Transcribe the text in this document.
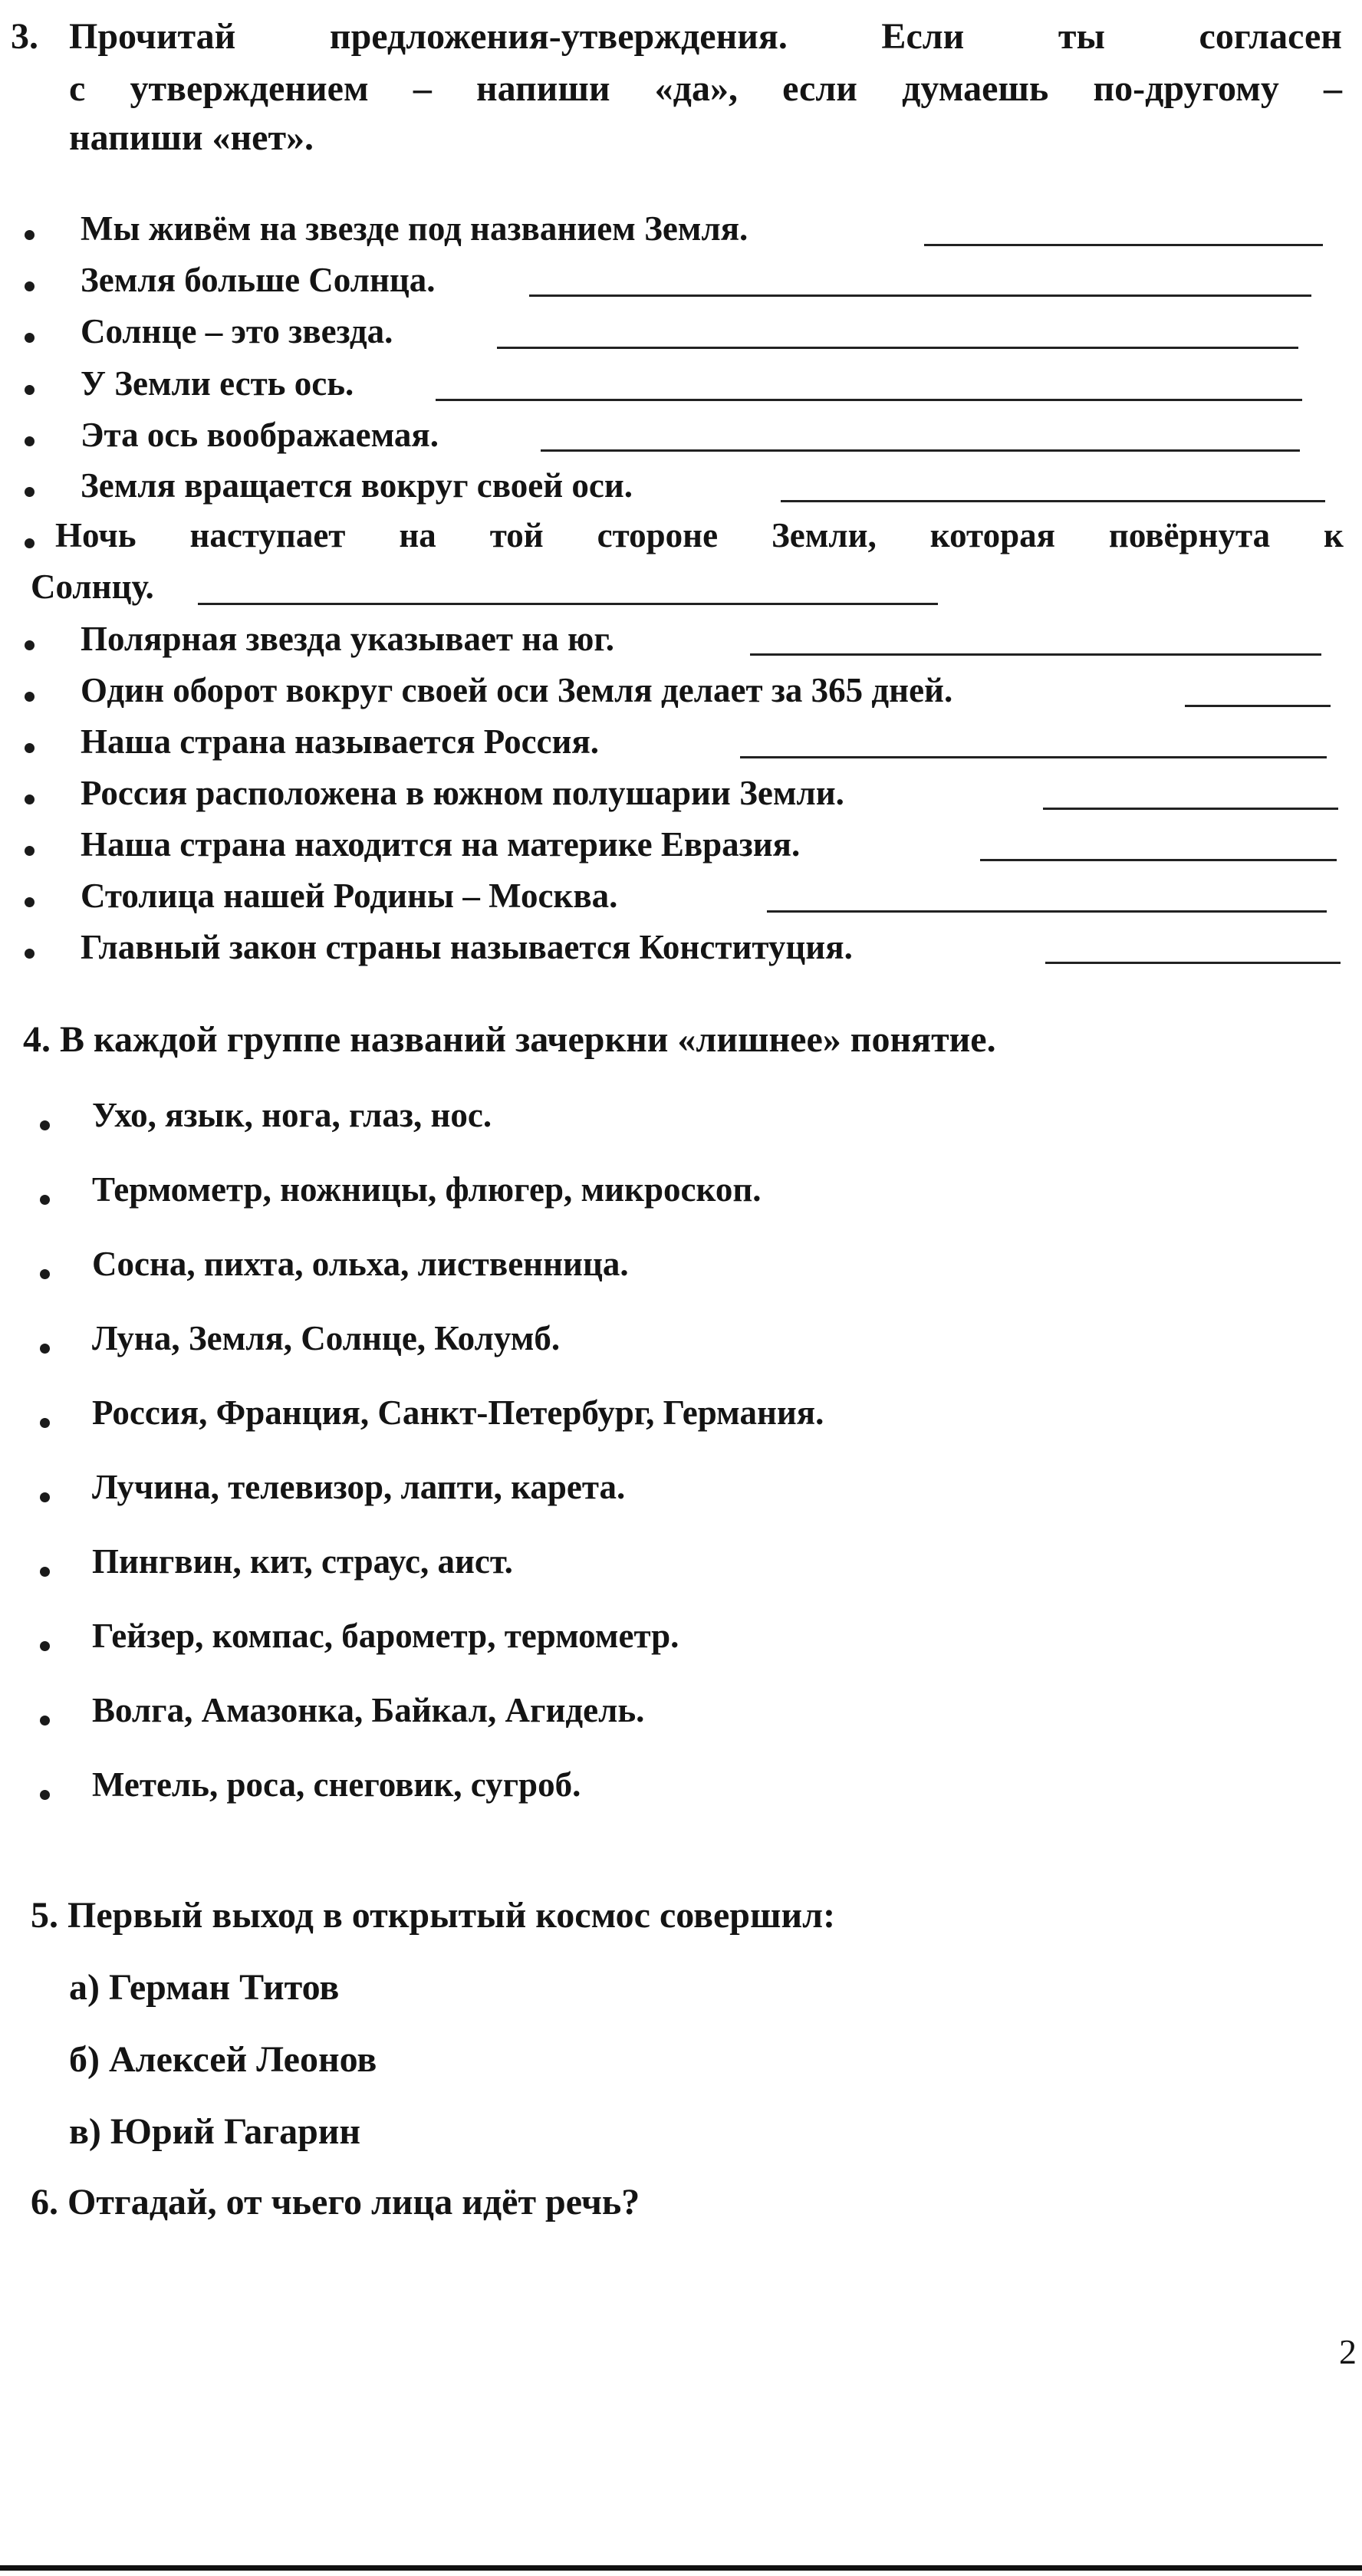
3. Прочитай	предложения-утверждения.	Если	ты	согласен
с утверждением – напиши «да», если думаешь по-другому –
напиши «нет».
Мы живём на звезде под названием Земля.
Земля больше Солнца.
Солнце – это звезда.
У Земли есть ось.
Эта ось воображаемая.
Земля вращается вокруг своей оси.
Ночь наступает на той стороне Земли, которая повёрнута к
Солнцу.
Полярная звезда указывает на юг.
Один оборот вокруг своей оси Земля делает за 365 дней.
Наша страна называется Россия.
Россия расположена в южном полушарии Земли.
Наша страна находится на материке Евразия.
Столица нашей Родины – Москва.
Главный закон страны называется Конституция.
4. В каждой группе названий зачеркни «лишнее» понятие.
Ухо, язык, нога, глаз, нос.
Термометр, ножницы, флюгер, микроскоп.
Сосна, пихта, ольха, лиственница.
Луна, Земля, Солнце, Колумб.
Россия, Франция, Санкт-Петербург, Германия.
Лучина, телевизор, лапти, карета.
Пингвин, кит, страус, аист.
Гейзер, компас, барометр, термометр.
Волга, Амазонка, Байкал, Агидель.
Метель, роса, снеговик, сугроб.
5. Первый выход в открытый космос совершил:
а) Герман Титов
б) Алексей Леонов
в) Юрий Гагарин
6. Отгадай, от чьего лица идёт речь?
2
